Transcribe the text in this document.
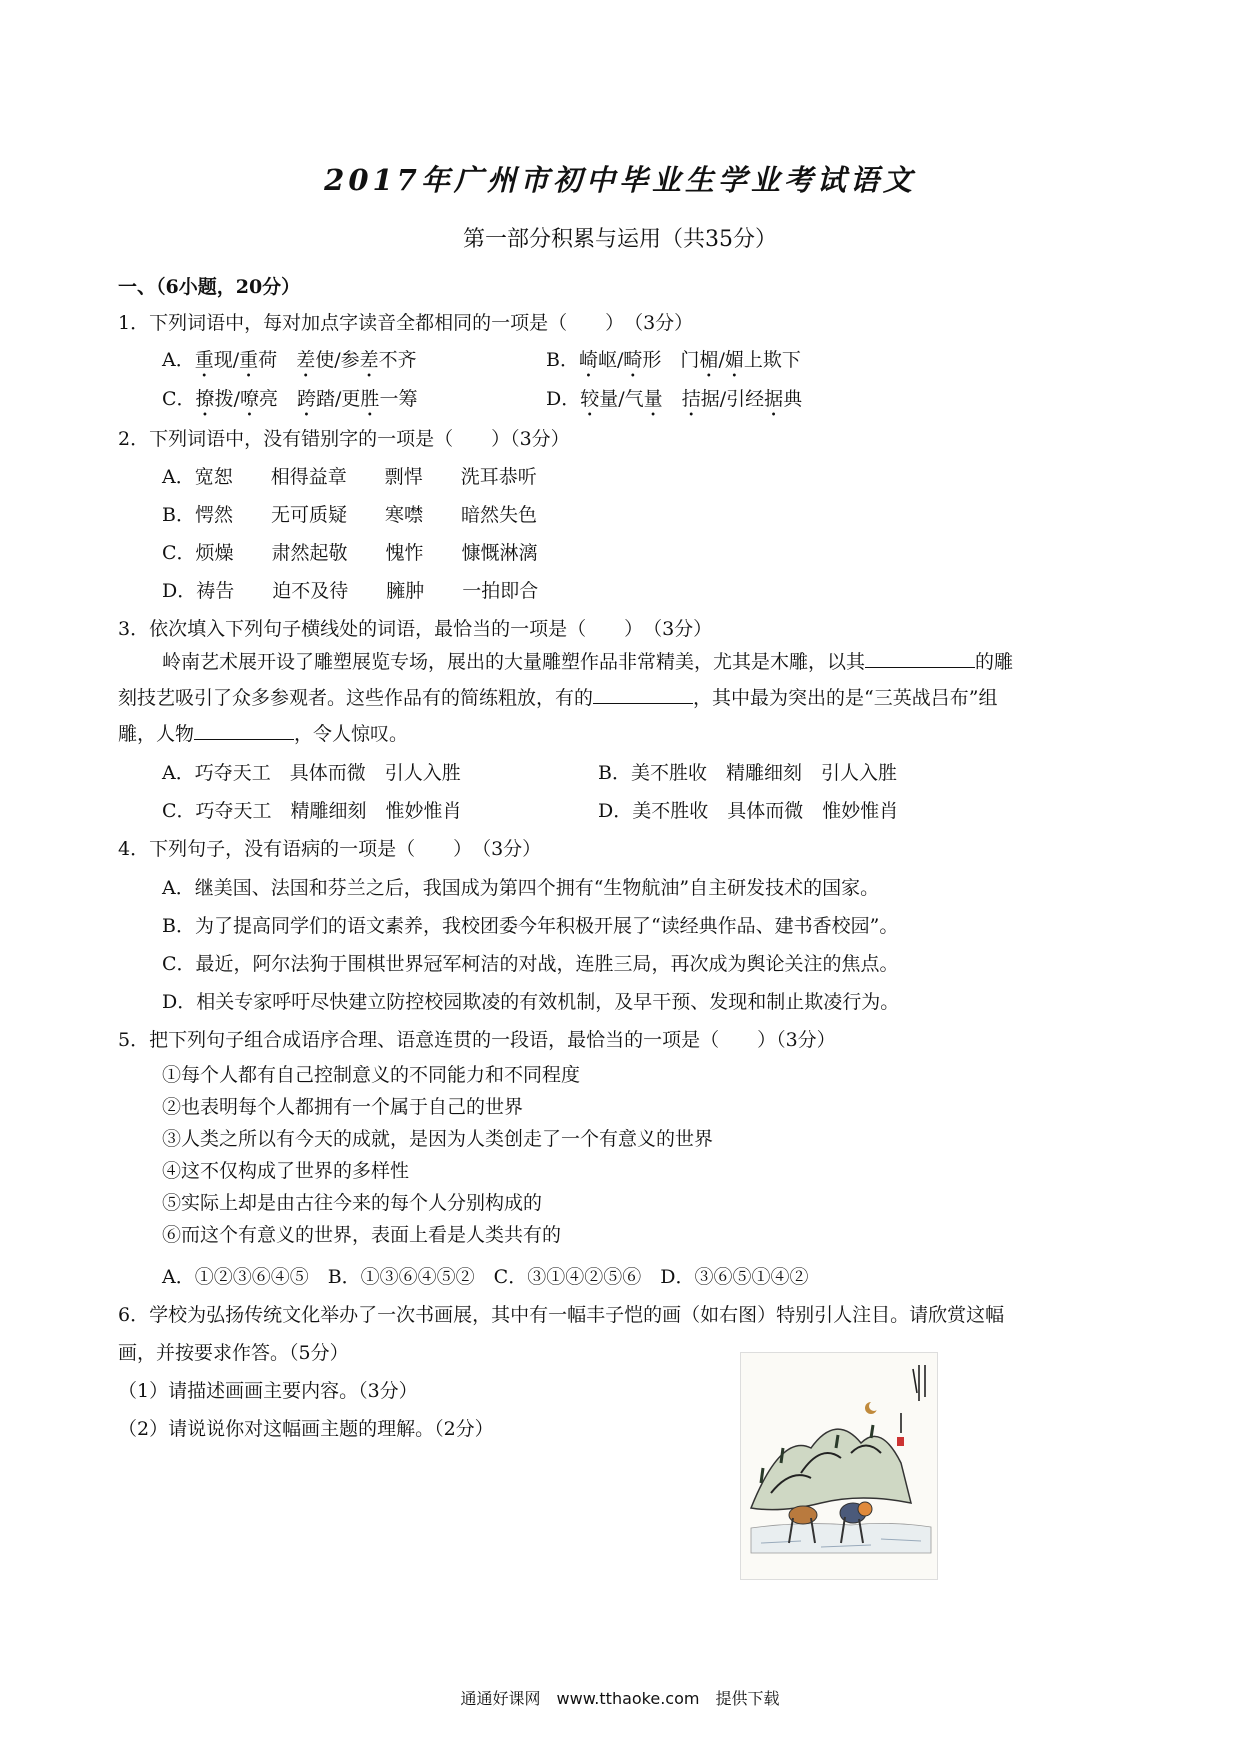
2017年广州市初中毕业生学业考试语文
第一部分积累与运用（共35分）
一、（6小题，20分）
1．下列词语中，每对加点字读音全都相同的一项是（　　）　（3分）
A．重现/重荷　差使/参差不齐	B．崎岖/畸形　门楣/媚上欺下
C．撩拨/嘹亮　跨踏/更胜一筹	D．较量/气量　 拮据/引经据典
2．下列词语中，没有错别字的一项是（　　）（3分）
A．宽恕　　相得益章　　剽悍　　洗耳恭听
B．愕然　　无可质疑　　寒噤　　暗然失色
C．烦燥　　肃然起敬　　愧怍　　慷慨淋漓
D．祷告　　迫不及待　　臃肿　　一拍即合
3．依次填入下列句子横线处的词语，最恰当的一项是（　　）　（3分）
岭南艺术展开设了雕塑展览专场，展出的大量雕塑作品非常精美，尤其是木雕，以其	的雕
刻技艺吸引了众多参观者。这些作品有的简练粗放，有的	，其中最为突出的是“三英战吕布”组
雕，人物	，令人惊叹。
A．巧夺天工　具体而微　引人入胜	B．美不胜收　精雕细刻　引人入胜
C．巧夺天工　精雕细刻　惟妙惟肖	D．美不胜收　具体而微　惟妙惟肖
4．下列句子，没有语病的一项是（　　）　（3分）
A．继美国、法国和芬兰之后，我国成为第四个拥有“生物航油”自主研发技术的国家。
B．为了提高同学们的语文素养，我校团委今年积极开展了“读经典作品、建书香校园”。
C．最近，阿尔法狗于围棋世界冠军柯洁的对战，连胜三局，再次成为舆论关注的焦点。
D．相关专家呼吁尽快建立防控校园欺凌的有效机制，及早干预、发现和制止欺凌行为。
5．把下列句子组合成语序合理、语意连贯的一段语，最恰当的一项是（　　）（3分）
①每个人都有自己控制意义的不同能力和不同程度
②也表明每个人都拥有一个属于自己的世界
③人类之所以有今天的成就，是因为人类创走了一个有意义的世界
④这不仅构成了世界的多样性
⑤实际上却是由古往今来的每个人分别构成的
⑥而这个有意义的世界，表面上看是人类共有的
A．①②③⑥④⑤　B．①③⑥④⑤②　C．③①④②⑤⑥　D．③⑥⑤①④②
6．学校为弘扬传统文化举办了一次书画展，其中有一幅丰子恺的画（如右图）特别引人注目。请欣赏这幅
画，并按要求作答。（5分）
（1）请描述画画主要内容。（3分）
（2）请说说你对这幅画主题的理解。（2分）
通通好课网　www.tthaoke.com　提供下载
